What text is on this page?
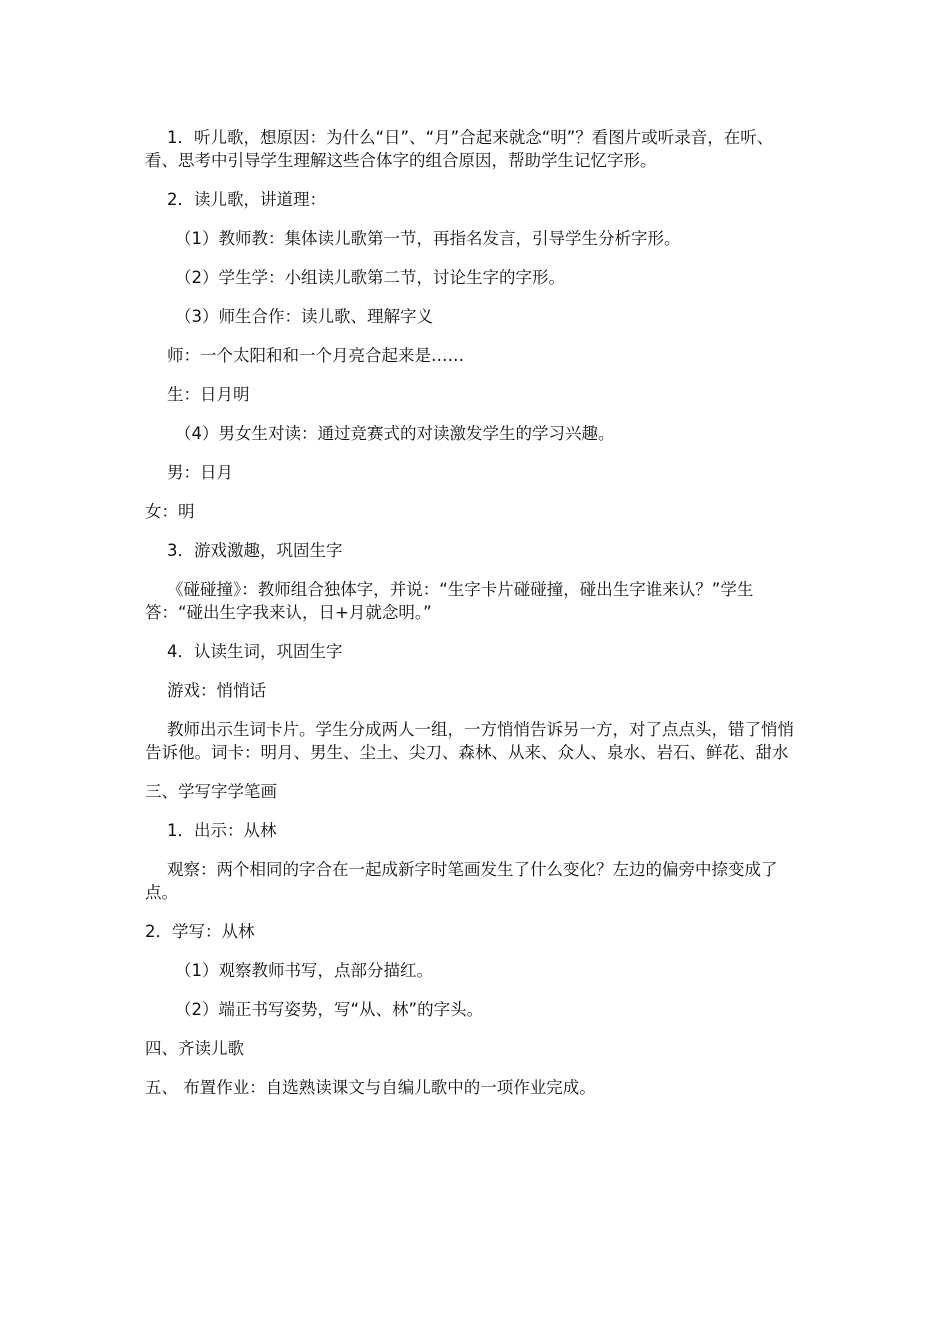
1．听儿歌，想原因：为什么“日”、“月”合起来就念“明”？看图片或听录音，在听、看、思考中引导学生理解这些合体字的组合原因，帮助学生记忆字形。

2．读儿歌，讲道理：

（1）教师教：集体读儿歌第一节，再指名发言，引导学生分析字形。

（2）学生学：小组读儿歌第二节，讨论生字的字形。

（3）师生合作：读儿歌、理解字义

师：一个太阳和和一个月亮合起来是……

生：日月明

（4）男女生对读：通过竞赛式的对读激发学生的学习兴趣。

男：日月

女：明

3．游戏激趣，巩固生字

《碰碰撞》：教师组合独体字，并说：“生字卡片碰碰撞，碰出生字谁来认？”学生答：“碰出生字我来认，日+月就念明。”

4．认读生词，巩固生字

游戏：悄悄话

教师出示生词卡片。学生分成两人一组，一方悄悄告诉另一方，对了点点头，错了悄悄告诉他。词卡：明月、男生、尘土、尖刀、森林、从来、众人、泉水、岩石、鲜花、甜水

三、学写字学笔画

1．出示：从林

观察：两个相同的字合在一起成新字时笔画发生了什么变化？左边的偏旁中捺变成了点。

2．学写：从林

（1）观察教师书写，点部分描红。

（2）端正书写姿势，写“从、林”的字头。

四、齐读儿歌

五、 布置作业：自选熟读课文与自编儿歌中的一项作业完成。
